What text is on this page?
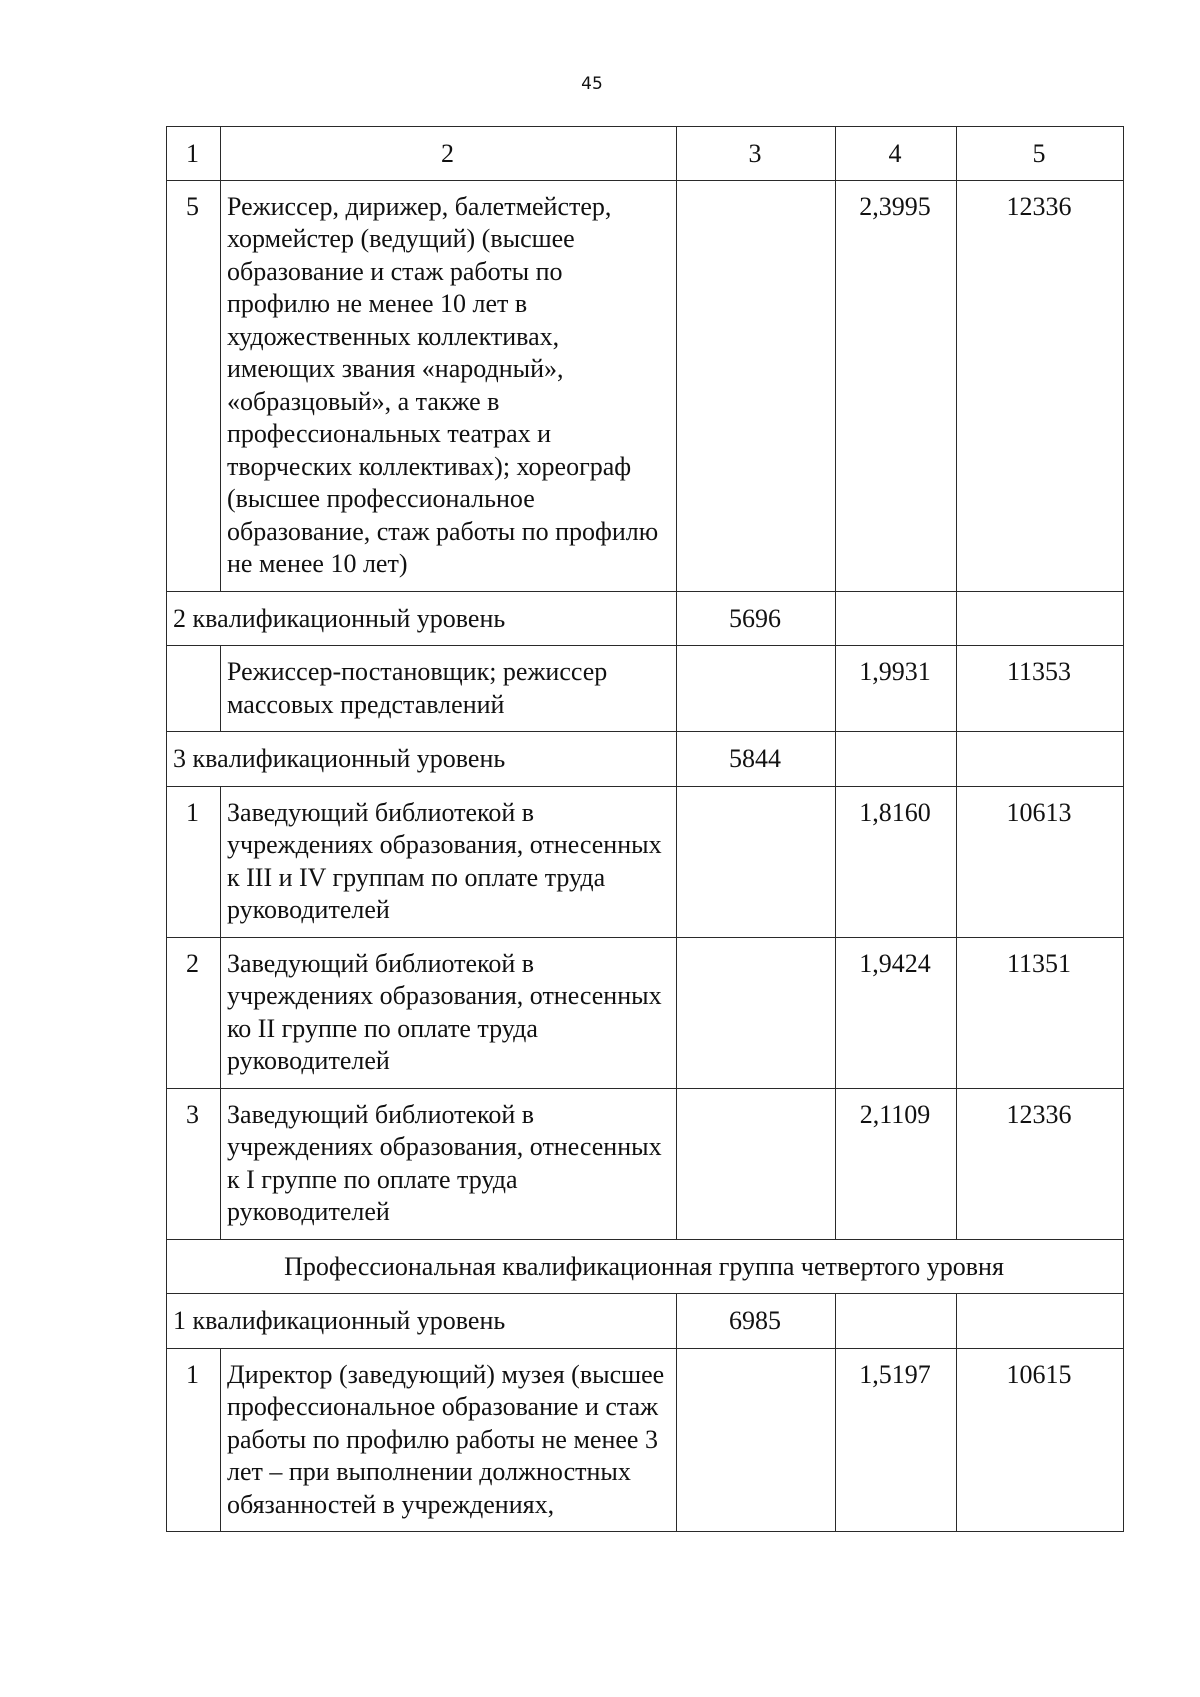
45
1	2	3	4	5
5	Режиссер, дирижер, балетмейстер, хормейстер (ведущий) (высшее образование и стаж работы по профилю не менее 10 лет в художественных коллективах, имеющих звания «народный», «образцовый», а также в профессиональных театрах и творческих коллективах); хореограф (высшее профессиональное образование, стаж работы по профилю не менее 10 лет)		2,3995	12336
2 квалификационный уровень		5696		
	Режиссер-постановщик; режиссер массовых представлений		1,9931	11353
3 квалификационный уровень		5844		
1	Заведующий библиотекой в учреждениях образования, отнесенных к III и IV группам по оплате труда руководителей		1,8160	10613
2	Заведующий библиотекой в учреждениях образования, отнесенных ко II группе по оплате труда руководителей		1,9424	11351
3	Заведующий библиотекой в учреждениях образования, отнесенных к I группе по оплате труда руководителей		2,1109	12336
Профессиональная квалификационная группа четвертого уровня				
1 квалификационный уровень		6985		
1	Директор (заведующий) музея (высшее профессиональное образование и стаж работы по профилю работы не менее 3 лет – при выполнении должностных обязанностей в учреждениях,		1,5197	10615
